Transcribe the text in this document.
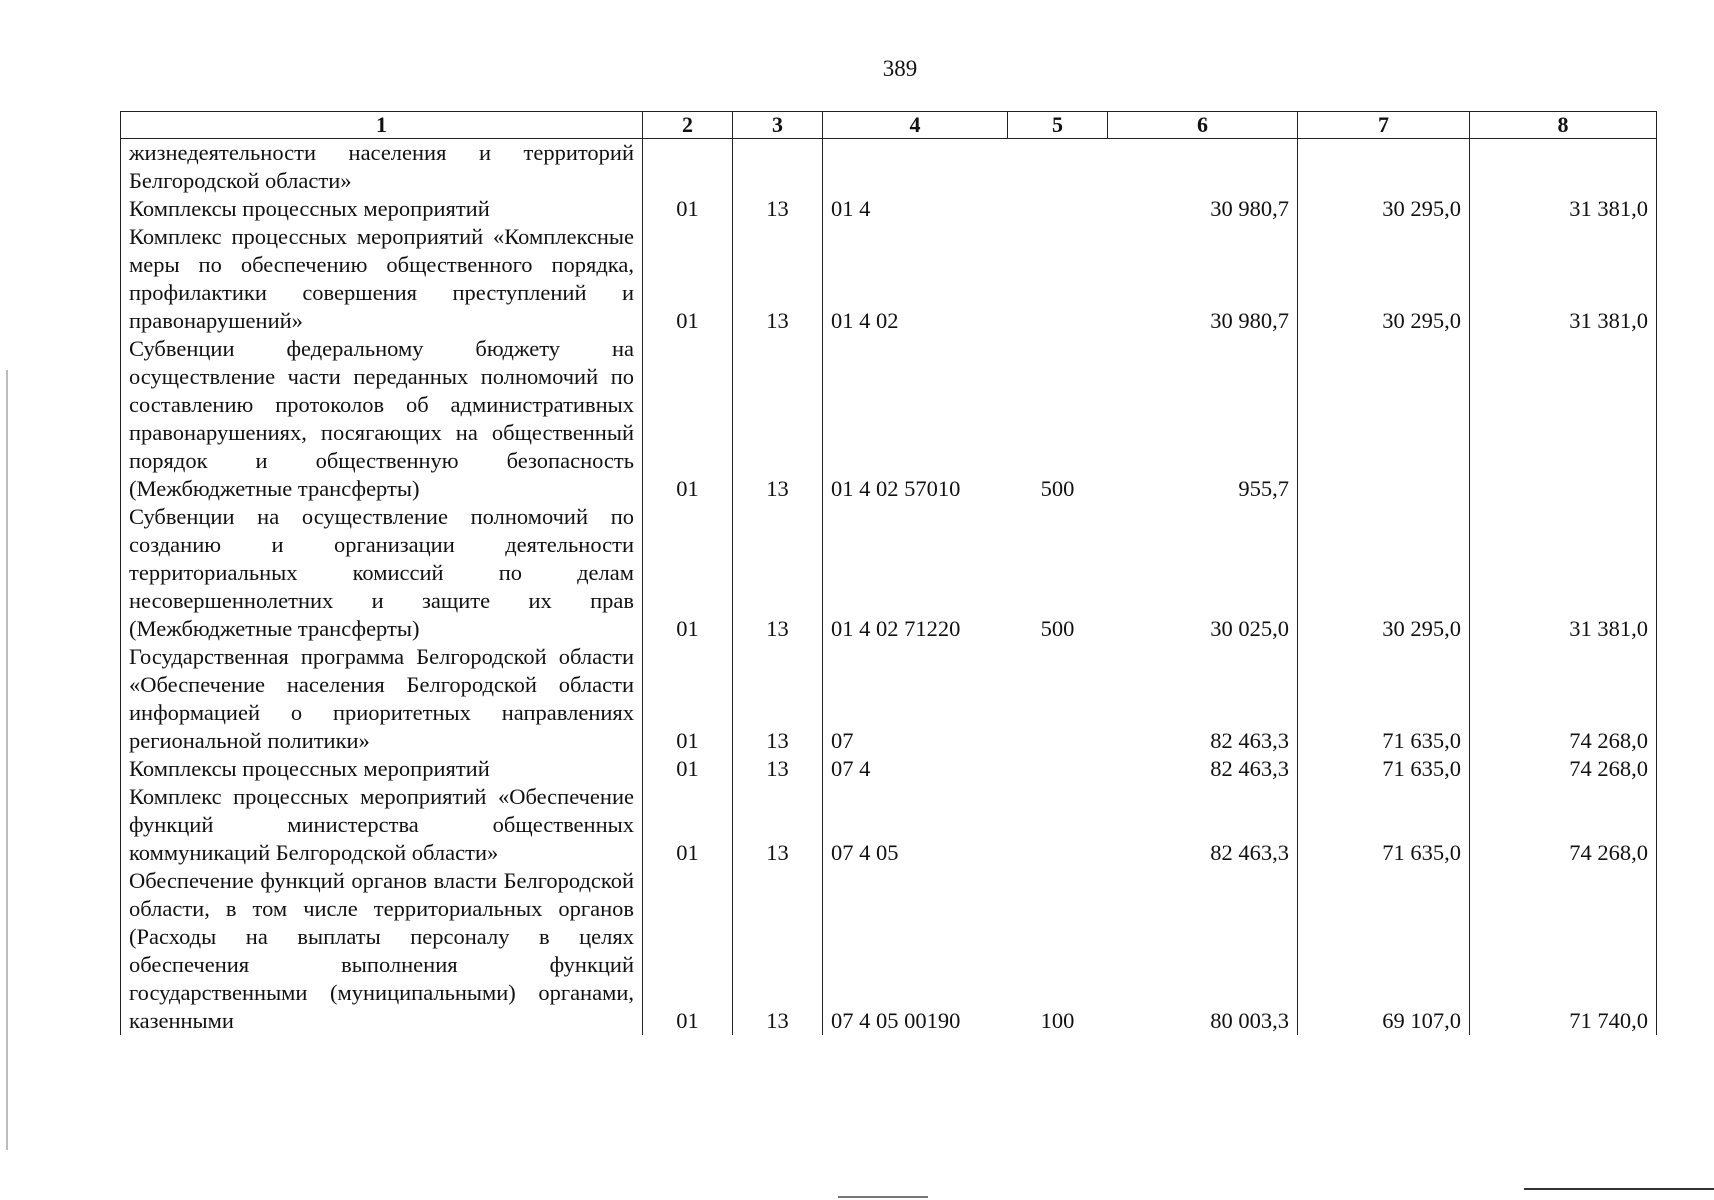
389
1	2	3	4	5	6	7	8
жизнедеятельности населения и территорий Белгородской области»							
Комплексы процессных мероприятий	01	13	01 4		30 980,7	30 295,0	31 381,0
Комплекс процессных мероприятий «Комплексные меры по обеспечению общественного порядка, профилактики совершения преступлений и правонарушений»	01	13	01 4 02		30 980,7	30 295,0	31 381,0
Субвенции федеральному бюджету на осуществление части переданных полномочий по составлению протоколов об административных правонарушениях, посягающих на общественный порядок и общественную безопасность (Межбюджетные трансферты)	01	13	01 4 02 57010	500	955,7		
Субвенции на осуществление полномочий по созданию и организации деятельности территориальных комиссий по делам несовершеннолетних и защите их прав (Межбюджетные трансферты)	01	13	01 4 02 71220	500	30 025,0	30 295,0	31 381,0
Государственная программа Белгородской области «Обеспечение населения Белгородской области информацией о приоритетных направлениях региональной политики»	01	13	07		82 463,3	71 635,0	74 268,0
Комплексы процессных мероприятий	01	13	07 4		82 463,3	71 635,0	74 268,0
Комплекс процессных мероприятий «Обеспечение функций министерства общественных коммуникаций Белгородской области»	01	13	07 4 05		82 463,3	71 635,0	74 268,0
Обеспечение функций органов власти Белгородской области, в том числе территориальных органов (Расходы на выплаты персоналу в целях обеспечения выполнения функций государственными (муниципальными) органами, казенными	01	13	07 4 05 00190	100	80 003,3	69 107,0	71 740,0
